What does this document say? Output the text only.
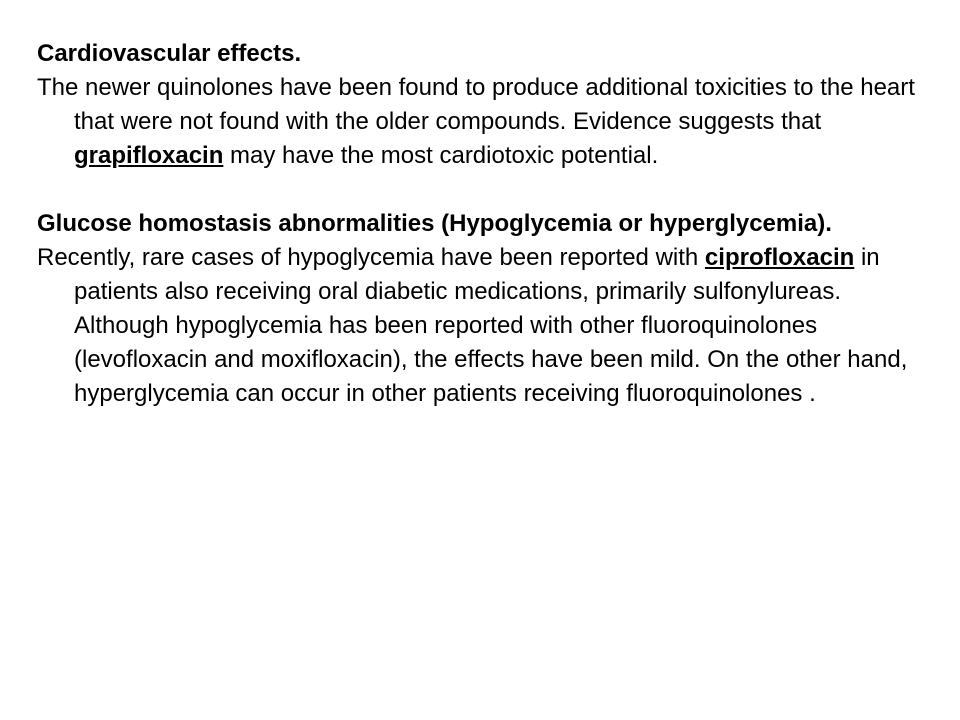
Cardiovascular effects.

The newer quinolones have been found to produce additional toxicities to the heart that were not found with the older compounds. Evidence suggests that grapifloxacin may have the most cardiotoxic potential.

Glucose homostasis abnormalities (Hypoglycemia or hyperglycemia).

Recently, rare cases of hypoglycemia have been reported with ciprofloxacin in patients also receiving oral diabetic medications, primarily sulfonylureas. Although hypoglycemia has been reported with other fluoroquinolones (levofloxacin and moxifloxacin), the effects have been mild. On the other hand, hyperglycemia can occur in other patients receiving fluoroquinolones .
